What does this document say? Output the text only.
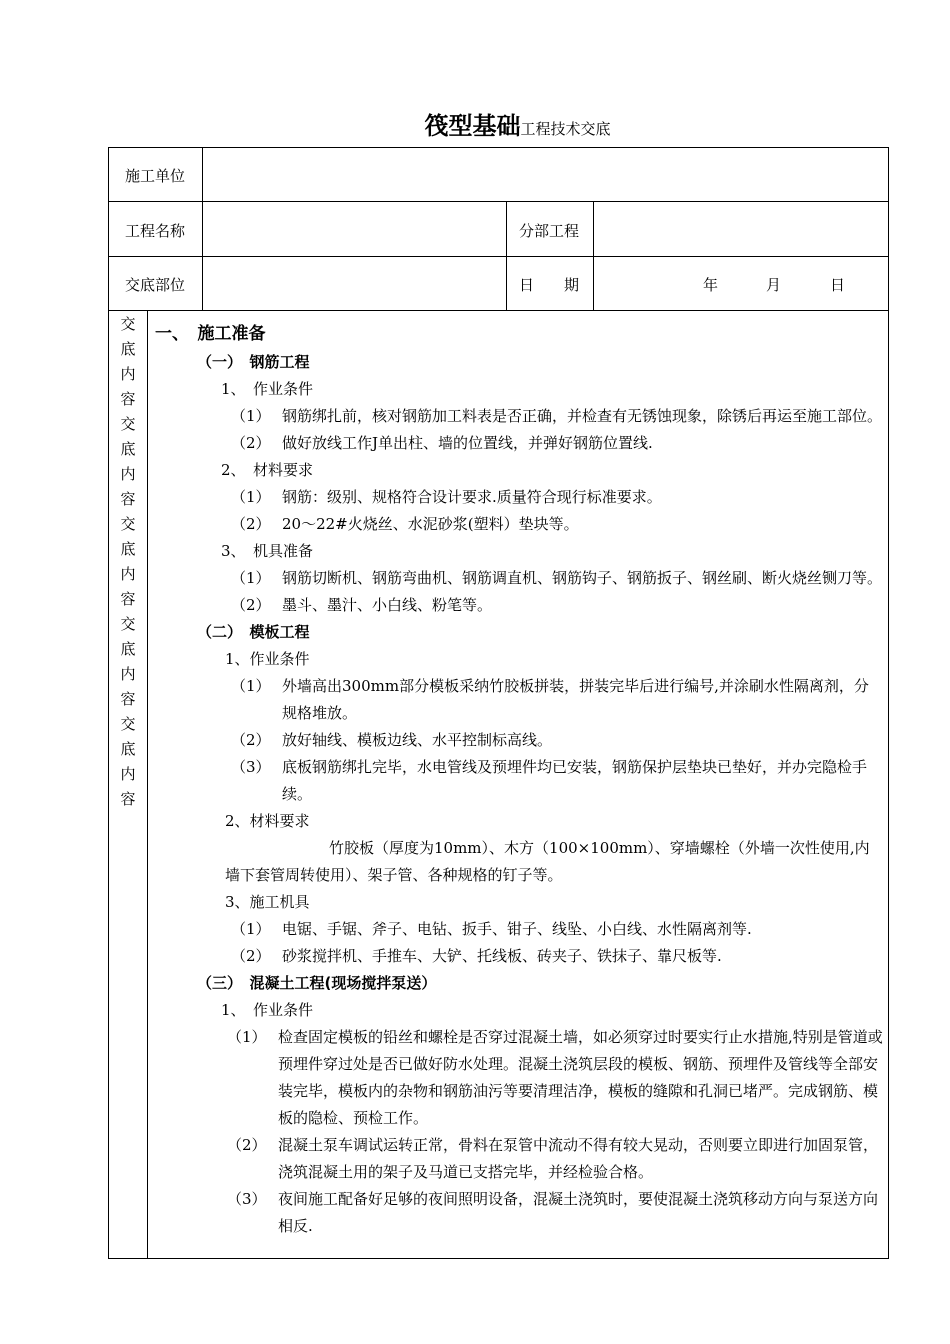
筏型基础工程技术交底
施工单位
工程名称	分部工程
交底部位	日　　期	年	月	日
交
底
内
容
交
底
内
容
交
底
内
容
交
底
内
容
交
底
内
容
一、　施工准备
（一）　钢筋工程
1、　作业条件
（1） 钢筋绑扎前，核对钢筋加工料表是否正确，并检查有无锈蚀现象，除锈后再运至施工部位。
（2） 做好放线工作J单出柱、墙的位置线，并弹好钢筋位置线.
2、　材料要求
（1） 钢筋：级别、规格符合设计要求.质量符合现行标准要求。
（2） 20～22#火烧丝、水泥砂浆(塑料）垫块等。
3、　机具准备
（1） 钢筋切断机、钢筋弯曲机、钢筋调直机、钢筋钩子、钢筋扳子、钢丝刷、断火烧丝铡刀等。
（2） 墨斗、墨汁、小白线、粉笔等。
（二）　模板工程
1、作业条件
（1） 外墙高出300mm部分模板采纳竹胶板拼装，拼装完毕后进行编号,并涂刷水性隔离剂，分规格堆放。
（2） 放好轴线、模板边线、水平控制标高线。
（3） 底板钢筋绑扎完毕，水电管线及预埋件均已安装，钢筋保护层垫块已垫好，并办完隐检手续。
2、材料要求
竹胶板（厚度为10mm）、木方（100×100mm）、穿墙螺栓（外墙一次性使用,内墙下套管周转使用）、架子管、各种规格的钉子等。
3、施工机具
（1） 电锯、手锯、斧子、电钻、扳手、钳子、线坠、小白线、水性隔离剂等.
（2） 砂浆搅拌机、手推车、大铲、托线板、砖夹子、铁抹子、靠尺板等.
（三）　混凝土工程(现场搅拌泵送）
1、　作业条件
（1） 检查固定模板的铅丝和螺栓是否穿过混凝土墙，如必须穿过时要实行止水措施,特别是管道或预埋件穿过处是否已做好防水处理。混凝土浇筑层段的模板、钢筋、预埋件及管线等全部安装完毕，模板内的杂物和钢筋油污等要清理洁净，模板的缝隙和孔洞已堵严。完成钢筋、模板的隐检、预检工作。
（2） 混凝土泵车调试运转正常，骨料在泵管中流动不得有较大晃动，否则要立即进行加固泵管，浇筑混凝土用的架子及马道已支搭完毕，并经检验合格。
（3） 夜间施工配备好足够的夜间照明设备，混凝土浇筑时，要使混凝土浇筑移动方向与泵送方向相反.
